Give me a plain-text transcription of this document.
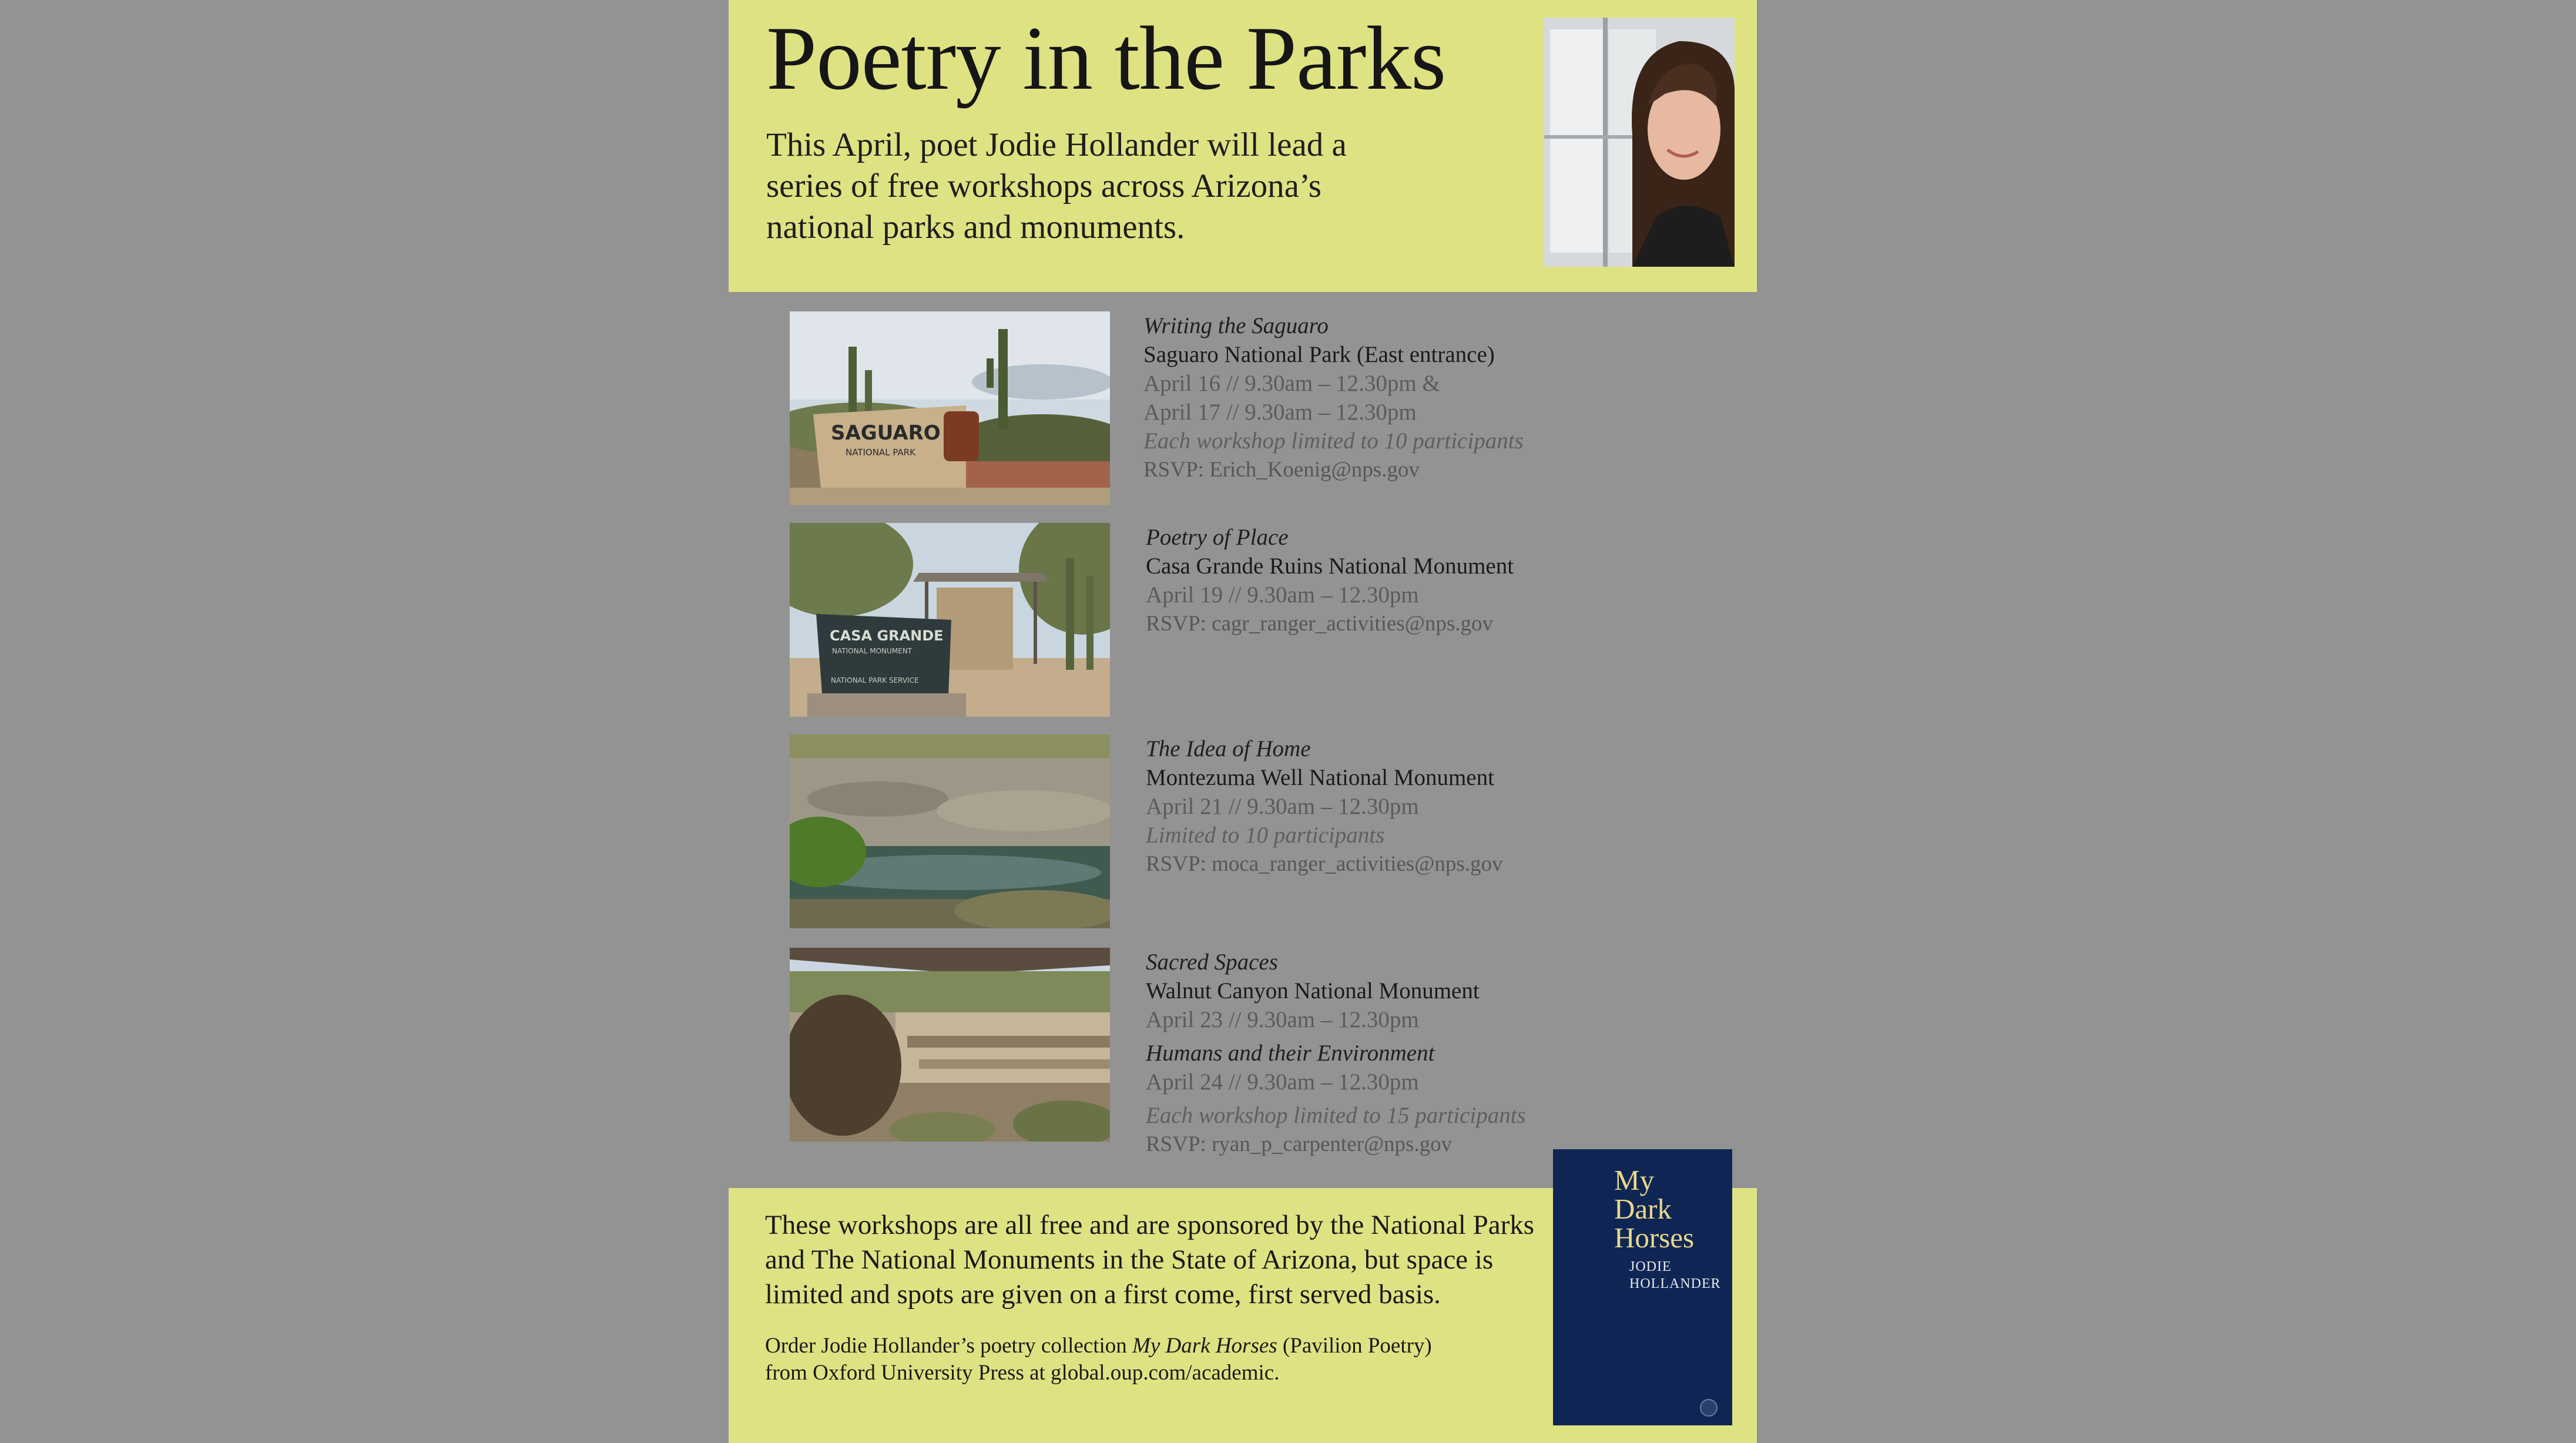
Poetry in the Parks

This April, poet Jodie Hollander will lead a series of free workshops across Arizona’s national parks and monuments.

SAGUARO
NATIONAL PARK
Writing the Saguaro
Saguaro National Park (East entrance)
April 16 // 9.30am – 12.30pm &
April 17 // 9.30am – 12.30pm
Each workshop limited to 10 participants
RSVP: Erich_Koenig@nps.gov
CASA GRANDE
NATIONAL MONUMENT
NATIONAL PARK SERVICE
Poetry of Place
Casa Grande Ruins National Monument
April 19 // 9.30am – 12.30pm
RSVP: cagr_ranger_activities@nps.gov
The Idea of Home
Montezuma Well National Monument
April 21 // 9.30am – 12.30pm
Limited to 10 participants
RSVP: moca_ranger_activities@nps.gov
Sacred Spaces
Walnut Canyon National Monument
April 23 // 9.30am – 12.30pm
Humans and their Environment
April 24 // 9.30am – 12.30pm
Each workshop limited to 15 participants
RSVP: ryan_p_carpenter@nps.gov

These workshops are all free and are sponsored by the National Parks and The National Monuments in the State of Arizona, but space is limited and spots are given on a first come, first served basis.

Order Jodie Hollander’s poetry collection My Dark Horses (Pavilion Poetry)
from Oxford University Press at global.oup.com/academic.

My
Dark
Horses
JODIE
HOLLANDER
